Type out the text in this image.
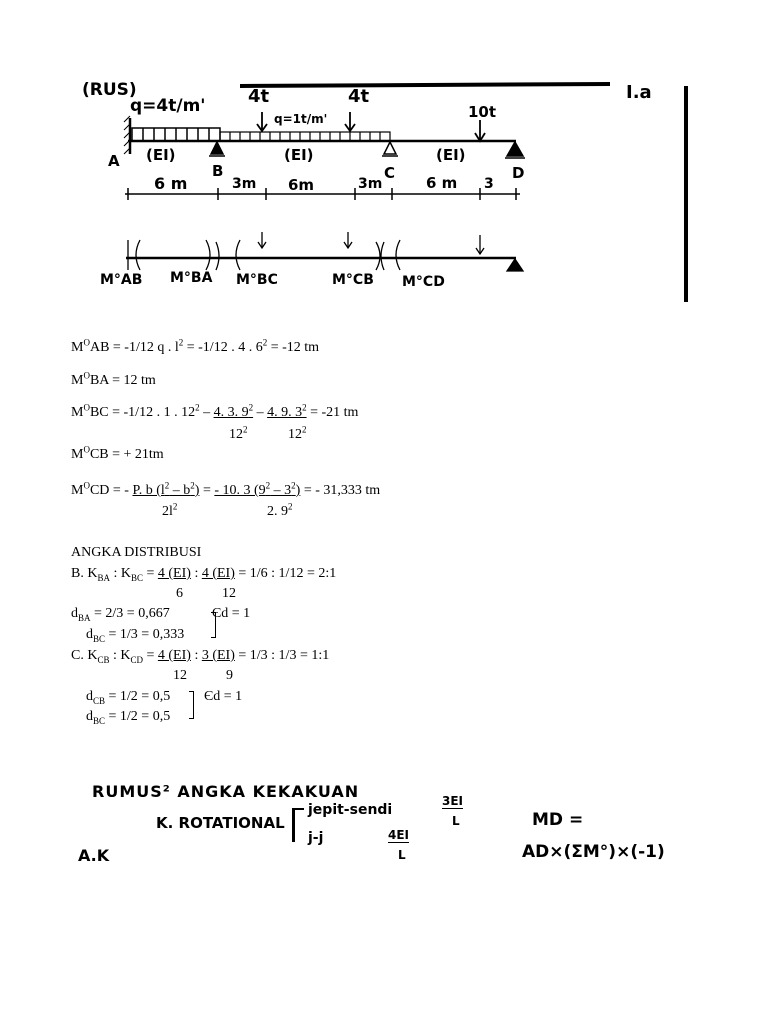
(RUS)	I.a
q=4t/m' 4t
q=1t/m'
4t
10t
(EI)	(EI)	(EI)
A
B	C	D
6 m	3m 6m	3m	6 m 3
M°AB M°BA M°BC	M°CB M°CD
$M^OAB = -1/12$ q . $l^2 = -1/12$ . 4 . $6^2 = -12$ tm
$M^OBA = 12$ tm
$M^OBC = -1/12$ . 1 . $12^2 - 4$. 3. $9^2 - 4$. 9. $3^2 = -21$ tm
$12^2$	$12^2$
$M^OCB$ = + 21tm
$M^OCD$ = - P. b $(l^2 - b^2)$ = - 10. 3 $(9^2 - 3^2)$ = - 31,333 tm
$2l^2$	2. $9^2$
ANGKA DISTRIBUSI
B. $K_{BA}$ : $K_{BC} = 4$ (EI) : 4 (EI) = 1/6 : 1/12 = 2:1
6	12
$d_{BA} = 2/3 = 0,667$	Єd = 1
$d_{BC} = 1/3 = 0,333$
C. $K_{CB}$ : $K_{CD} = 4$ (EI) : 3 (EI) = 1/3 : 1/3 = 1:1
12	9
$d_{CB} = 1/2 = 0,5$ Єd = 1
$d_{BC} = 1/2 = 0,5$
RUMUS² ANGKA KEKAKUAN
K. ROTATIONAL
jepit-sendi
j-j
3EI
L
4EI
L
MD =
AD×(ΣM°)×(-1)
A.K
